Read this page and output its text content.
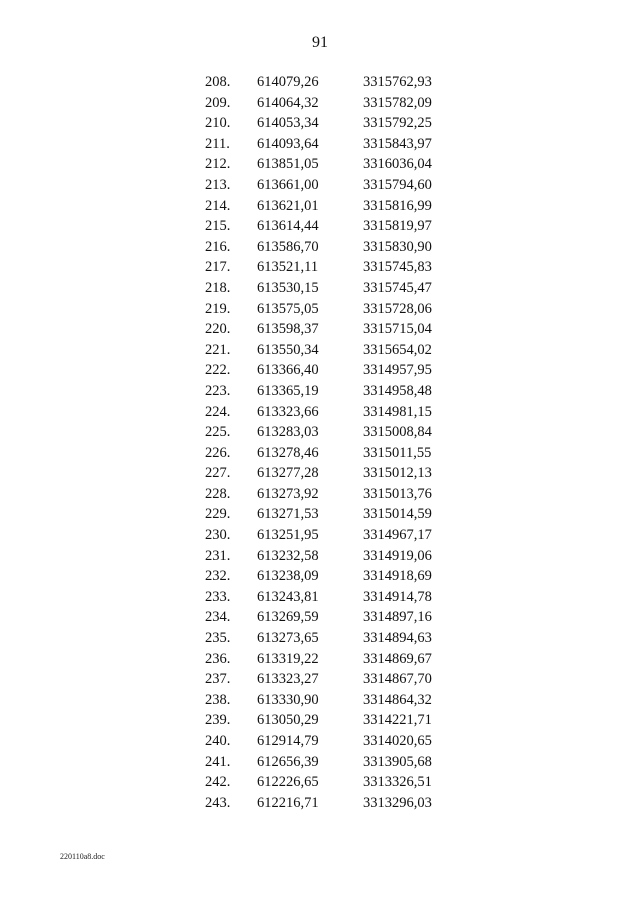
91
208. 614079,26	3315762,93
209. 614064,32	3315782,09
210. 614053,34	3315792,25
211. 614093,64	3315843,97
212. 613851,05	3316036,04
213. 613661,00	3315794,60
214. 613621,01	3315816,99
215. 613614,44	3315819,97
216. 613586,70	3315830,90
217. 613521,11	3315745,83
218. 613530,15	3315745,47
219. 613575,05	3315728,06
220. 613598,37	3315715,04
221. 613550,34	3315654,02
222. 613366,40	3314957,95
223. 613365,19	3314958,48
224. 613323,66	3314981,15
225. 613283,03	3315008,84
226. 613278,46	3315011,55
227. 613277,28	3315012,13
228. 613273,92	3315013,76
229. 613271,53	3315014,59
230. 613251,95	3314967,17
231. 613232,58	3314919,06
232. 613238,09	3314918,69
233. 613243,81	3314914,78
234. 613269,59	3314897,16
235. 613273,65	3314894,63
236. 613319,22	3314869,67
237. 613323,27	3314867,70
238. 613330,90	3314864,32
239. 613050,29	3314221,71
240. 612914,79	3314020,65
241. 612656,39	3313905,68
242. 612226,65	3313326,51
243. 612216,71	3313296,03
220110a8.doc
